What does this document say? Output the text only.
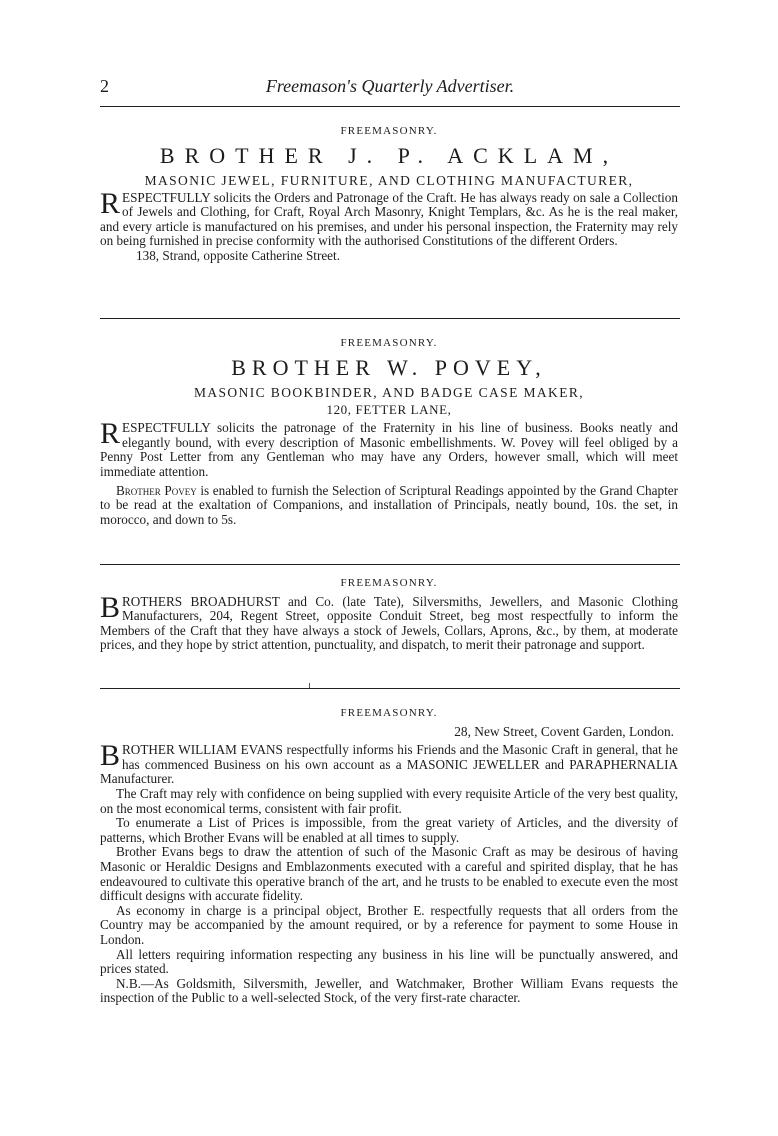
2	Freemason's Quarterly Advertiser.
FREEMASONRY.
BROTHER J. P. ACKLAM,
MASONIC JEWEL, FURNITURE, AND CLOTHING MANUFACTURER,

RESPECTFULLY solicits the Orders and Patronage of the Craft. He has always ready on sale a Collection of Jewels and Clothing, for Craft, Royal Arch Masonry, Knight Templars, &c. As he is the real maker, and every article is manufactured on his premises, and under his personal inspection, the Fraternity may rely on being furnished in precise conformity with the authorised Constitutions of the different Orders.

138, Strand, opposite Catherine Street.
FREEMASONRY.
BROTHER W. POVEY,
MASONIC BOOKBINDER, AND BADGE CASE MAKER,
120, FETTER LANE,

RESPECTFULLY solicits the patronage of the Fraternity in his line of business. Books neatly and elegantly bound, with every description of Masonic embellishments. W. Povey will feel obliged by a Penny Post Letter from any Gentleman who may have any Orders, however small, which will meet immediate attention.

Brother Povey is enabled to furnish the Selection of Scriptural Readings appointed by the Grand Chapter to be read at the exaltation of Companions, and installation of Principals, neatly bound, 10s. the set, in morocco, and down to 5s.

FREEMASONRY.

BROTHERS BROADHURST and Co. (late Tate), Silversmiths, Jewellers, and Masonic Clothing Manufacturers, 204, Regent Street, opposite Conduit Street, beg most respectfully to inform the Members of the Craft that they have always a stock of Jewels, Collars, Aprons, &c., by them, at moderate prices, and they hope by strict attention, punctuality, and dispatch, to merit their patronage and support.

FREEMASONRY.
28, New Street, Covent Garden, London.

BROTHER WILLIAM EVANS respectfully informs his Friends and the Masonic Craft in general, that he has commenced Business on his own account as a MASONIC JEWELLER and PARAPHERNALIA Manufacturer.

The Craft may rely with confidence on being supplied with every requisite Article of the very best quality, on the most economical terms, consistent with fair profit.

To enumerate a List of Prices is impossible, from the great variety of Articles, and the diversity of patterns, which Brother Evans will be enabled at all times to supply.

Brother Evans begs to draw the attention of such of the Masonic Craft as may be desirous of having Masonic or Heraldic Designs and Emblazonments executed with a careful and spirited display, that he has endeavoured to cultivate this operative branch of the art, and he trusts to be enabled to execute even the most difficult designs with accurate fidelity.

As economy in charge is a principal object, Brother E. respectfully requests that all orders from the Country may be accompanied by the amount required, or by a reference for payment to some House in London.

All letters requiring information respecting any business in his line will be punctually answered, and prices stated.

N.B.—As Goldsmith, Silversmith, Jeweller, and Watchmaker, Brother William Evans requests the inspection of the Public to a well-selected Stock, of the very first-rate character.
